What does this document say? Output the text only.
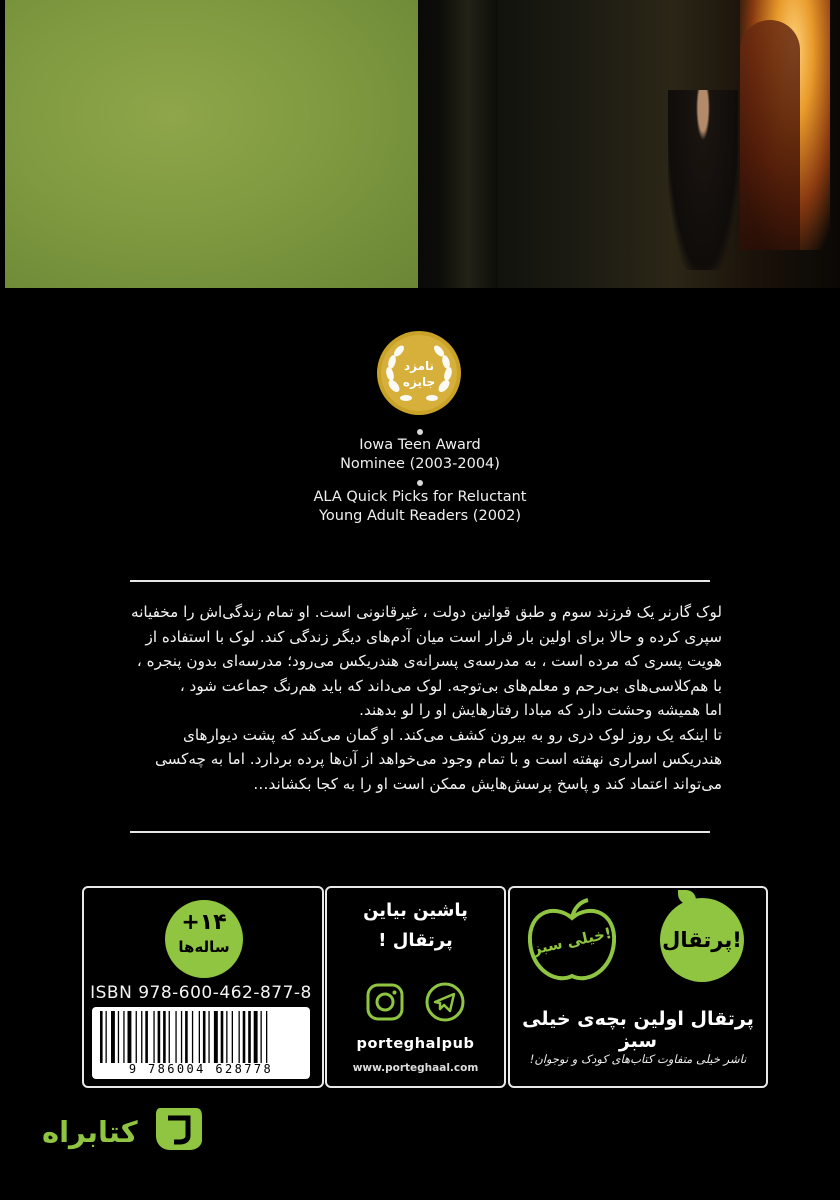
نامزد
جایزه
Iowa Teen Award
Nominee (2003-2004)
ALA Quick Picks for Reluctant
Young Adult Readers (2002)

لوک گارنر یک فرزند سوم و طبق قوانین دولت ، غیرقانونی است. او تمام زندگی‌اش را مخفیانه

سپری کرده و حالا برای اولین بار قرار است میان آدم‌های دیگر زندگی کند. لوک با استفاده از

هویت پسری که مرده است ، به مدرسه‌ی پسرانه‌ی هندریکس می‌رود؛ مدرسه‌ای بدون پنجره ،

با هم‌کلاسی‌های بی‌رحم و معلم‌های بی‌توجه. لوک می‌داند که باید هم‌رنگ جماعت شود ،

اما همیشه وحشت دارد که مبادا رفتارهایش او را لو بدهند.

تا اینکه یک روز لوک دری رو به بیرون کشف می‌کند. او گمان می‌کند که پشت دیوارهای

هندریکس اسراری نهفته است و با تمام وجود می‌خواهد از آن‌ها پرده بردارد. اما به چه‌کسی

می‌تواند اعتماد کند و پاسخ پرسش‌هایش ممکن است او را به کجا بکشاند…

پرتقال!
خیلی سبز!
پرتقال اولین بچه‌ی خیلی سبز
ناشر خیلی متفاوت کتاب‌های کودک و نوجوان!
پاشین بیاین
پرتقال !
porteghalpub
www.porteghaal.com
+۱۴
ساله‌ها
ISBN 978-600-462-877-8
9 786004 628778
کتابراه
